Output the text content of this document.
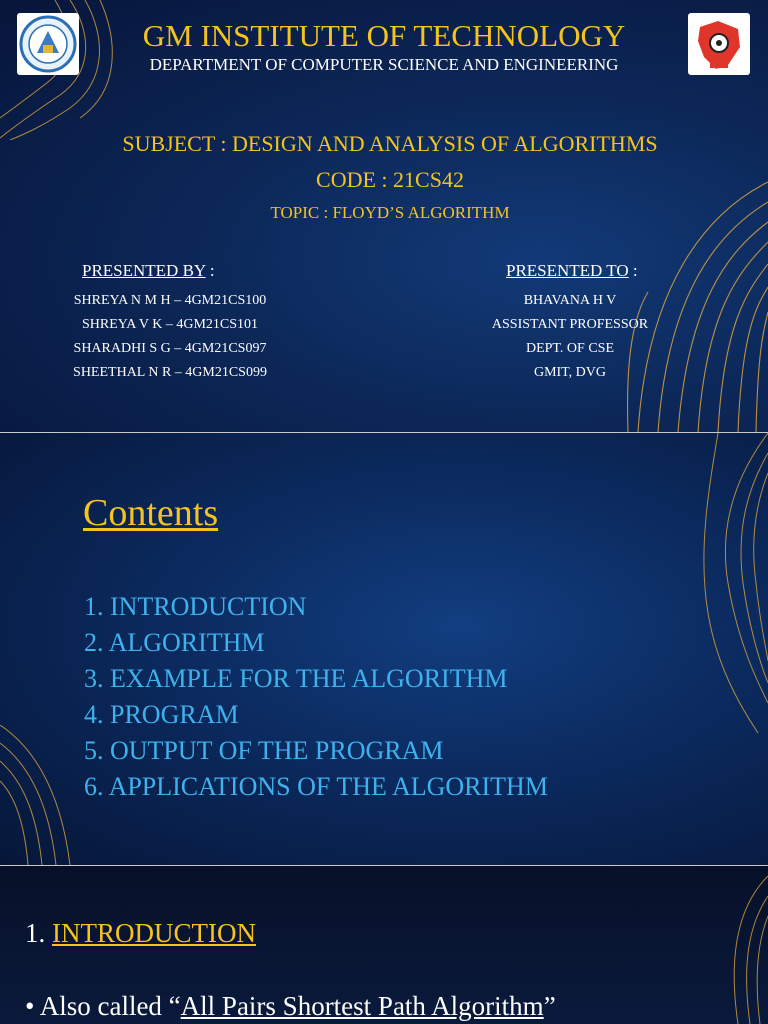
GM INSTITUTE OF TECHNOLOGY
DEPARTMENT OF COMPUTER SCIENCE AND ENGINEERING
SUBJECT : DESIGN AND ANALYSIS OF ALGORITHMS
CODE : 21CS42
TOPIC : FLOYD’S ALGORITHM
PRESENTED BY :
SHREYA N M H – 4GM21CS100
SHREYA V K – 4GM21CS101
SHARADHI S G – 4GM21CS097
SHEETHAL N R – 4GM21CS099
PRESENTED TO :
BHAVANA H V
ASSISTANT PROFESSOR
DEPT. OF CSE
GMIT, DVG
Contents
1. INTRODUCTION
2. ALGORITHM
3. EXAMPLE FOR THE ALGORITHM
4. PROGRAM
5. OUTPUT OF THE PROGRAM
6. APPLICATIONS OF THE ALGORITHM
1. INTRODUCTION
• Also called “All Pairs Shortest Path Algorithm”
